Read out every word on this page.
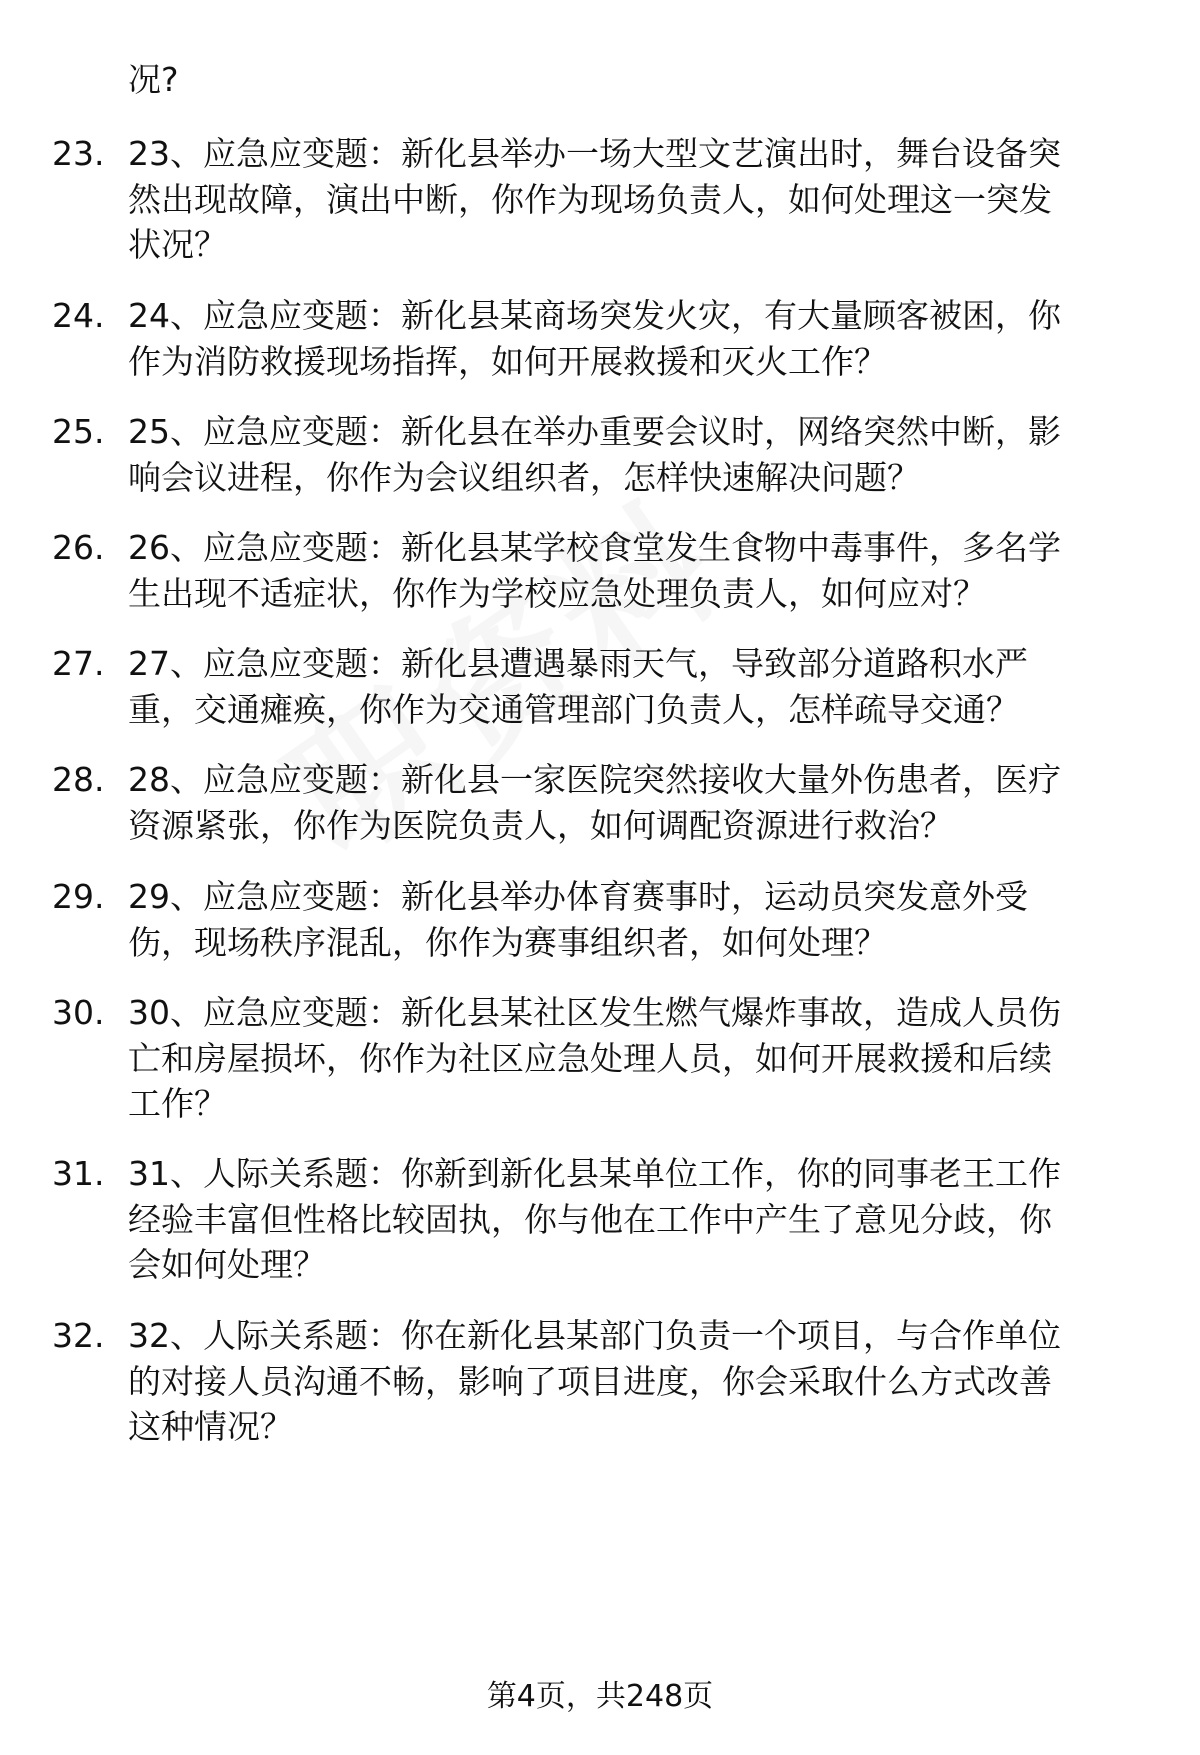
况?
23. 23、应急应变题：新化县举办一场大型文艺演出时，舞台设备突
然出现故障，演出中断，你作为现场负责人，如何处理这一突发
状况？
24. 24、应急应变题：新化县某商场突发火灾，有大量顾客被困，你
作为消防救援现场指挥，如何开展救援和灭火工作？
25. 25、应急应变题：新化县在举办重要会议时，网络突然中断，影
响会议进程，你作为会议组织者，怎样快速解决问题？
26. 26、应急应变题：新化县某学校食堂发生食物中毒事件，多名学
生出现不适症状，你作为学校应急处理负责人，如何应对？
27. 27、应急应变题：新化县遭遇暴雨天气，导致部分道路积水严
重，交通瘫痪，你作为交通管理部门负责人，怎样疏导交通？
28. 28、应急应变题：新化县一家医院突然接收大量外伤患者，医疗
资源紧张，你作为医院负责人，如何调配资源进行救治？
29. 29、应急应变题：新化县举办体育赛事时，运动员突发意外受
伤，现场秩序混乱，你作为赛事组织者，如何处理？
30. 30、应急应变题：新化县某社区发生燃气爆炸事故，造成人员伤
亡和房屋损坏，你作为社区应急处理人员，如何开展救援和后续
工作？
31. 31、人际关系题：你新到新化县某单位工作，你的同事老王工作
经验丰富但性格比较固执，你与他在工作中产生了意见分歧，你
会如何处理？
32. 32、人际关系题：你在新化县某部门负责一个项目，与合作单位
的对接人员沟通不畅，影响了项目进度，你会采取什么方式改善
这种情况？
第4页，共248页
